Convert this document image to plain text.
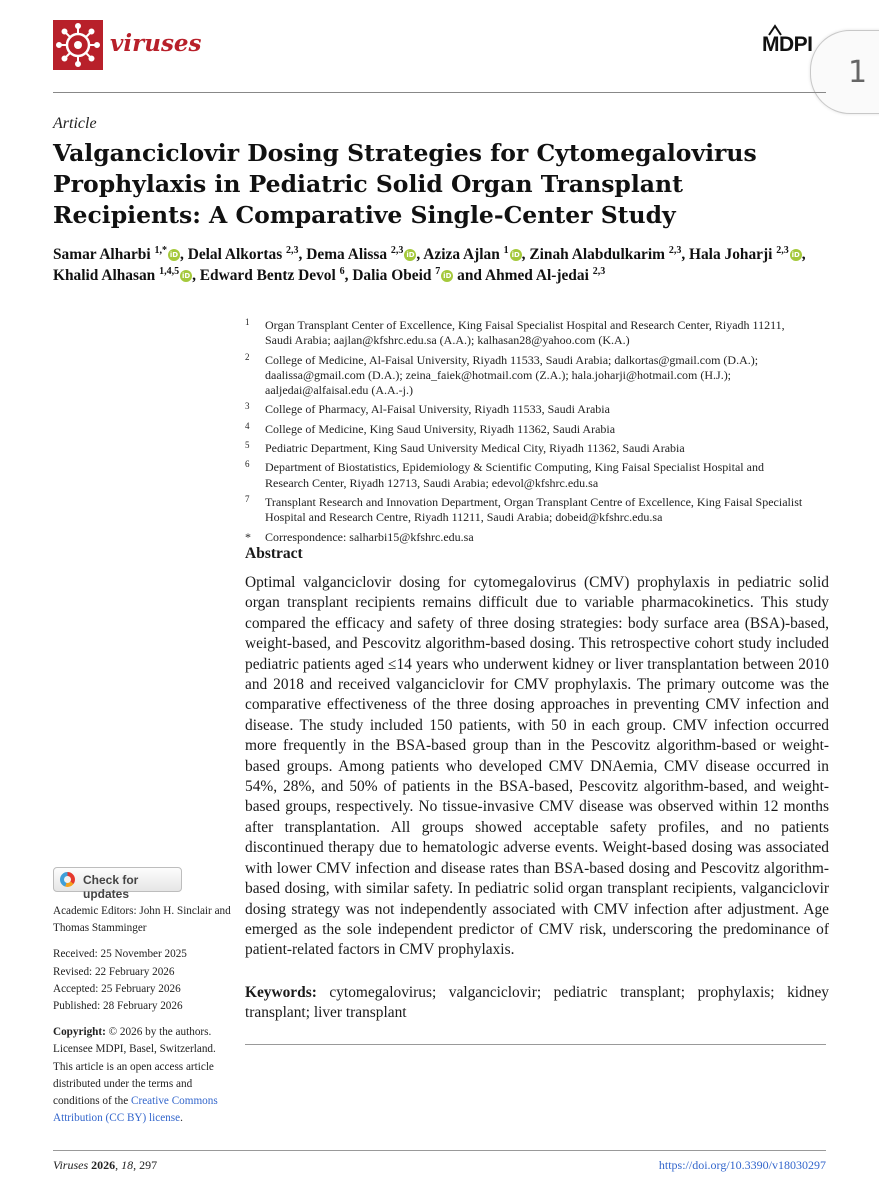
viruses
1
MDPI
Article
Valganciclovir Dosing Strategies for Cytomegalovirus Prophylaxis in Pediatric Solid Organ Transplant Recipients: A Comparative Single-Center Study
Samar Alharbi $^{1,*}$ iD , Delal Alkortas $^{2,3}$, Dema Alissa $^{2,3}$ iD , Aziza Ajlan $^1$ iD , Zinah Alabdulkarim $^{2,3}$, Hala Joharji $^{2,3}$ iD , Khalid Alhasan $^{1,4,5}$ iD , Edward Bentz Devol $^6$, Dalia Obeid $^7$ iD and Ahmed Al-jedai $^{2,3}$
1 Organ Transplant Center of Excellence, King Faisal Specialist Hospital and Research Center, Riyadh 11211, Saudi Arabia; aajlan@kfshrc.edu.sa (A.A.); kalhasan28@yahoo.com (K.A.)
2 College of Medicine, Al-Faisal University, Riyadh 11533, Saudi Arabia; dalkortas@gmail.com (D.A.); daalissa@gmail.com (D.A.); zeina_faiek@hotmail.com (Z.A.); hala.joharji@hotmail.com (H.J.); aaljedai@alfaisal.edu (A.A.-j.)
3 College of Pharmacy, Al-Faisal University, Riyadh 11533, Saudi Arabia
4 College of Medicine, King Saud University, Riyadh 11362, Saudi Arabia
5 Pediatric Department, King Saud University Medical City, Riyadh 11362, Saudi Arabia
6 Department of Biostatistics, Epidemiology & Scientific Computing, King Faisal Specialist Hospital and Research Center, Riyadh 12713, Saudi Arabia; edevol@kfshrc.edu.sa
7 Transplant Research and Innovation Department, Organ Transplant Centre of Excellence, King Faisal Specialist Hospital and Research Centre, Riyadh 11211, Saudi Arabia; dobeid@kfshrc.edu.sa
* Correspondence: salharbi15@kfshrc.edu.sa
Abstract
Optimal valganciclovir dosing for cytomegalovirus (CMV) prophylaxis in pediatric solid organ transplant recipients remains difficult due to variable pharmacokinetics. This study compared the efficacy and safety of three dosing strategies: body surface area (BSA)-based, weight-based, and Pescovitz algorithm-based dosing. This retrospective cohort study included pediatric patients aged ≤14 years who underwent kidney or liver transplantation between 2010 and 2018 and received valganciclovir for CMV prophylaxis. The primary outcome was the comparative effectiveness of the three dosing approaches in preventing CMV infection and disease. The study included 150 patients, with 50 in each group. CMV infection occurred more frequently in the BSA-based group than in the Pescovitz algorithm-based or weight-based groups. Among patients who developed CMV DNAemia, CMV disease occurred in 54%, 28%, and 50% of patients in the BSA-based, Pescovitz algorithm-based, and weight-based groups, respectively. No tissue-invasive CMV disease was observed within 12 months after transplantation. All groups showed acceptable safety profiles, and no patients discontinued therapy due to hematologic adverse events. Weight-based dosing was associated with lower CMV infection and disease rates than BSA-based dosing and Pescovitz algorithm-based dosing, with similar safety. In pediatric solid organ transplant recipients, valganciclovir dosing strategy was not independently associated with CMV infection after adjustment. Age emerged as the sole independent predictor of CMV risk, underscoring the predominance of patient-related factors in CMV prophylaxis.
Keywords: cytomegalovirus; valganciclovir; pediatric transplant; prophylaxis; kidney transplant; liver transplant
Check for updates

Academic Editors: John H. Sinclair and Thomas Stamminger

Received: 25 November 2025

Revised: 22 February 2026

Accepted: 25 February 2026

Published: 28 February 2026

Copyright: © 2026 by the authors. Licensee MDPI, Basel, Switzerland. This article is an open access article distributed under the terms and conditions of the Creative Commons Attribution (CC BY) license.

Viruses 2026, 18, 297	https://doi.org/10.3390/v18030297
